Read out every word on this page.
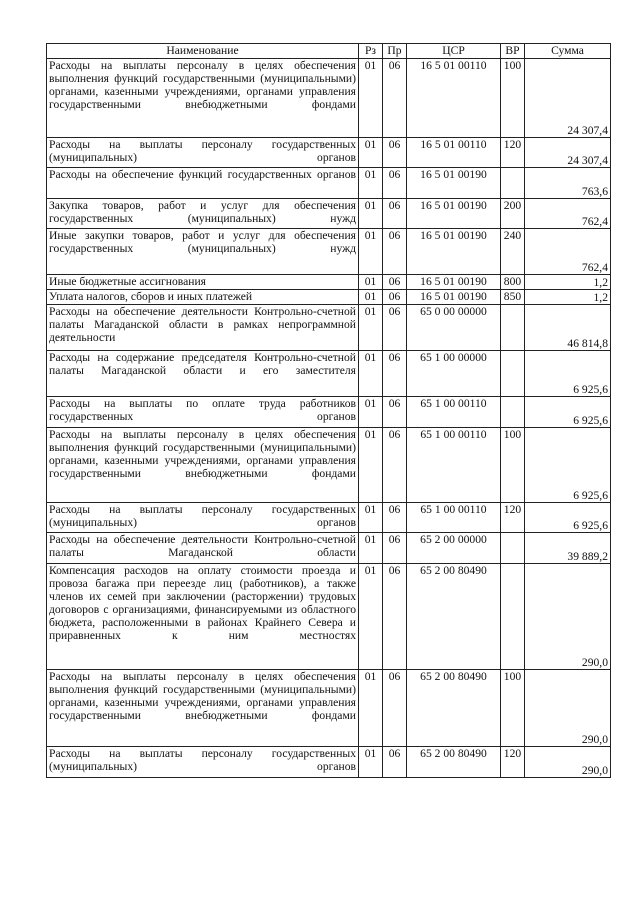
Наименование	Рз	Пр	ЦСР	ВР	Сумма
Расходы на выплаты персоналу в целях обеспечения выполнения функций государственными (муниципальными) органами, казенными учреждениями, органами управления государственными внебюджетными фондами	01	06	16 5 01 00110	100	24 307,4
Расходы на выплаты персоналу государственных (муниципальных) органов	01	06	16 5 01 00110	120	24 307,4
Расходы на обеспечение функций государственных органов	01	06	16 5 01 00190		763,6
Закупка товаров, работ и услуг для обеспечения государственных (муниципальных) нужд	01	06	16 5 01 00190	200	762,4
Иные закупки товаров, работ и услуг для обеспечения государственных (муниципальных) нужд	01	06	16 5 01 00190	240	762,4
Иные бюджетные ассигнования	01	06	16 5 01 00190	800	1,2
Уплата налогов, сборов и иных платежей	01	06	16 5 01 00190	850	1,2
Расходы на обеспечение деятельности Контрольно-счетной палаты Магаданской области в рамках непрограммной деятельности	01	06	65 0 00 00000		46 814,8
Расходы на содержание председателя Контрольно-счетной палаты Магаданской области и его заместителя	01	06	65 1 00 00000		6 925,6
Расходы на выплаты по оплате труда работников государственных органов	01	06	65 1 00 00110		6 925,6
Расходы на выплаты персоналу в целях обеспечения выполнения функций государственными (муниципальными) органами, казенными учреждениями, органами управления государственными внебюджетными фондами	01	06	65 1 00 00110	100	6 925,6
Расходы на выплаты персоналу государственных (муниципальных) органов	01	06	65 1 00 00110	120	6 925,6
Расходы на обеспечение деятельности Контрольно-счетной палаты Магаданской области	01	06	65 2 00 00000		39 889,2
Компенсация расходов на оплату стоимости проезда и провоза багажа при переезде лиц (работников), а также членов их семей при заключении (расторжении) трудовых договоров с организациями, финансируемыми из областного бюджета, расположенными в районах Крайнего Севера и приравненных к ним местностях	01	06	65 2 00 80490		290,0
Расходы на выплаты персоналу в целях обеспечения выполнения функций государственными (муниципальными) органами, казенными учреждениями, органами управления государственными внебюджетными фондами	01	06	65 2 00 80490	100	290,0
Расходы на выплаты персоналу государственных (муниципальных) органов	01	06	65 2 00 80490	120	290,0
